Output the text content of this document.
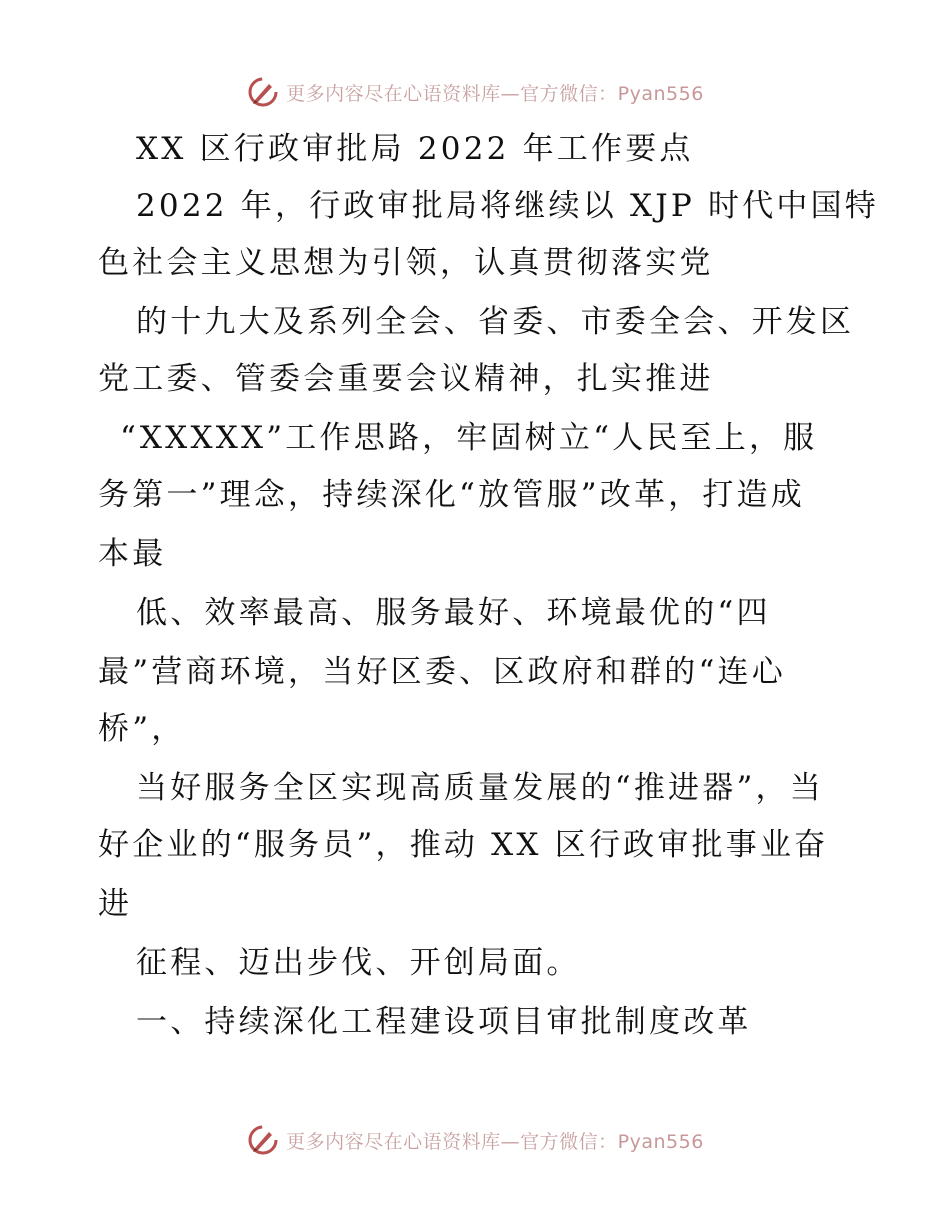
更多内容尽在心语资料库—官方微信：Pyan556
XX 区行政审批局 2022 年工作要点
2022 年，行政审批局将继续以 XJP 时代中国特
色社会主义思想为引领，认真贯彻落实党
的十九大及系列全会、省委、市委全会、开发区
党工委、管委会重要会议精神，扎实推进
“XXXXX”工作思路，牢固树立“人民至上，服
务第一”理念，持续深化“放管服”改革，打造成
本最
低、效率最高、服务最好、环境最优的“四
最”营商环境，当好区委、区政府和群的“连心
桥”，
当好服务全区实现高质量发展的“推进器”，当
好企业的“服务员”，推动 XX 区行政审批事业奋
进
征程、迈出步伐、开创局面。
一、持续深化工程建设项目审批制度改革
更多内容尽在心语资料库—官方微信：Pyan556
